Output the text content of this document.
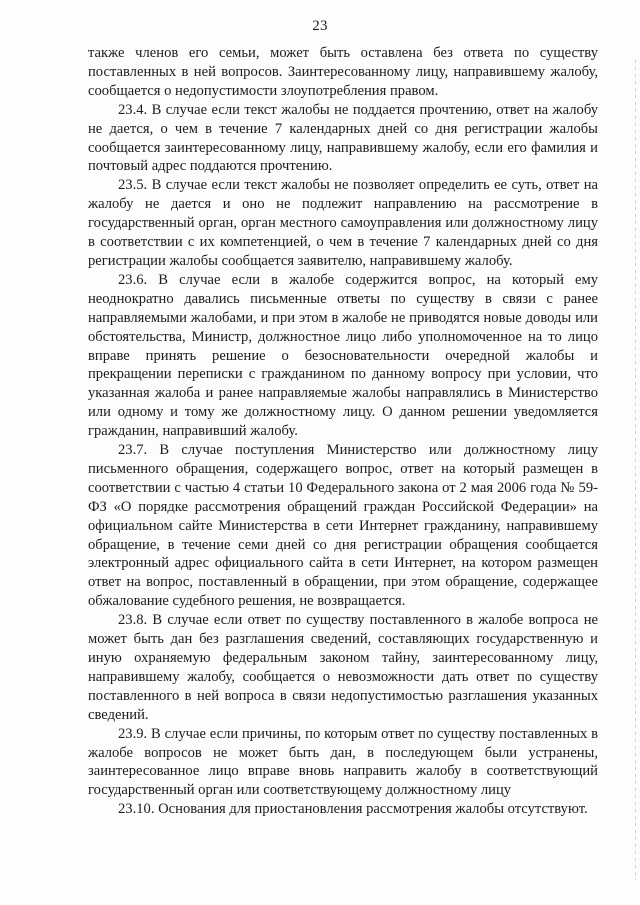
23

также членов его семьи, может быть оставлена без ответа по существу поставленных в ней вопросов. Заинтересованному лицу, направившему жалобу, сообщается о недопустимости злоупотребления правом.

23.4. В случае если текст жалобы не поддается прочтению, ответ на жалобу не дается, о чем в течение 7 календарных дней со дня регистрации жалобы сообщается заинтересованному лицу, направившему жалобу, если его фамилия и почтовый адрес поддаются прочтению.

23.5. В случае если текст жалобы не позволяет определить ее суть, ответ на жалобу не дается и оно не подлежит направлению на рассмотрение в государственный орган, орган местного самоуправления или должностному лицу в соответствии с их компетенцией, о чем в течение 7 календарных дней со дня регистрации жалобы сообщается заявителю, направившему жалобу.

23.6. В случае если в жалобе содержится вопрос, на который ему неоднократно давались письменные ответы по существу в связи с ранее направляемыми жалобами, и при этом в жалобе не приводятся новые доводы или обстоятельства, Министр, должностное лицо либо уполномоченное на то лицо вправе принять решение о безосновательности очередной жалобы и прекращении переписки с гражданином по данному вопросу при условии, что указанная жалоба и ранее направляемые жалобы направлялись в Министерство или одному и тому же должностному лицу. О данном решении уведомляется гражданин, направивший жалобу.

23.7. В случае поступления Министерство или должностному лицу письменного обращения, содержащего вопрос, ответ на который размещен в соответствии с частью 4 статьи 10 Федерального закона от 2 мая 2006 года № 59-ФЗ «О порядке рассмотрения обращений граждан Российской Федерации» на официальном сайте Министерства в сети Интернет гражданину, направившему обращение, в течение семи дней со дня регистрации обращения сообщается электронный адрес официального сайта в сети Интернет, на котором размещен ответ на вопрос, поставленный в обращении, при этом обращение, содержащее обжалование судебного решения, не возвращается.

23.8. В случае если ответ по существу поставленного в жалобе вопроса не может быть дан без разглашения сведений, составляющих государственную и иную охраняемую федеральным законом тайну, заинтересованному лицу, направившему жалобу, сообщается о невозможности дать ответ по существу поставленного в ней вопроса в связи недопустимостью разглашения указанных сведений.

23.9. В случае если причины, по которым ответ по существу поставленных в жалобе вопросов не может быть дан, в последующем были устранены, заинтересованное лицо вправе вновь направить жалобу в соответствующий государственный орган или соответствующему должностному лицу

23.10. Основания для приостановления рассмотрения жалобы отсутствуют.
